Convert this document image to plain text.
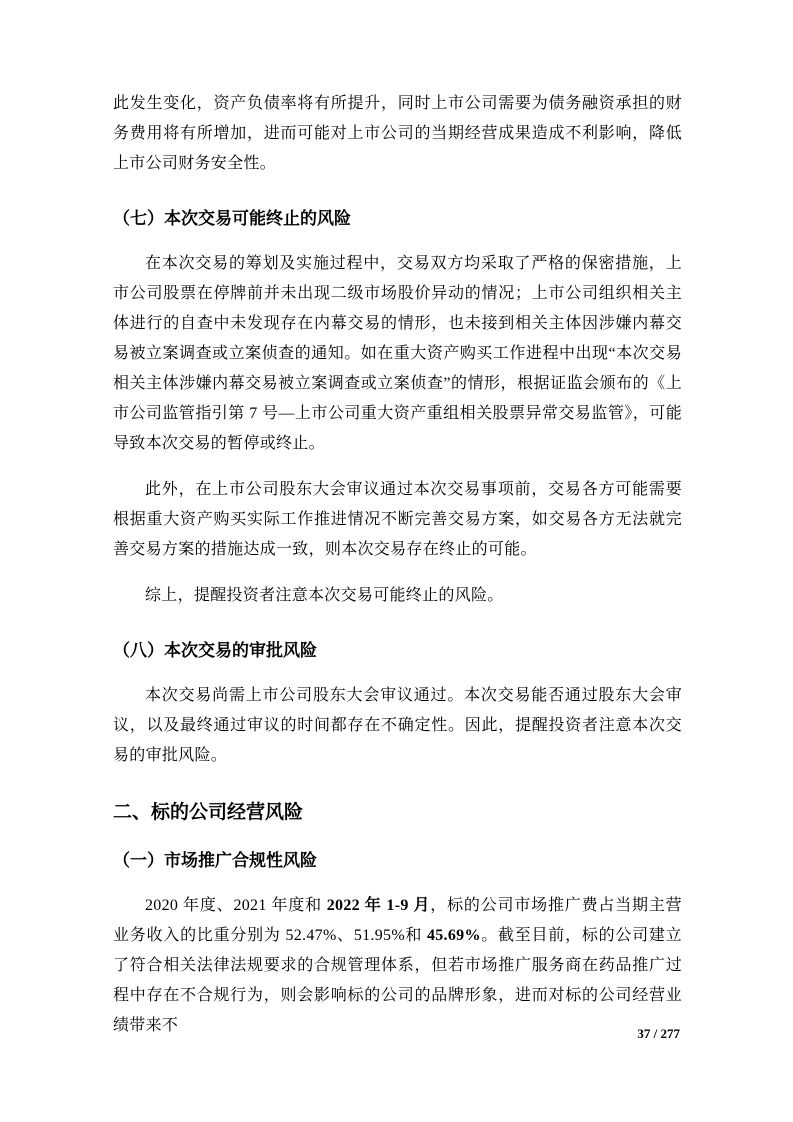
此发生变化，资产负债率将有所提升，同时上市公司需要为债务融资承担的财务费用将有所增加，进而可能对上市公司的当期经营成果造成不利影响，降低上市公司财务安全性。

（七）本次交易可能终止的风险

在本次交易的筹划及实施过程中，交易双方均采取了严格的保密措施，上市公司股票在停牌前并未出现二级市场股价异动的情况；上市公司组织相关主体进行的自查中未发现存在内幕交易的情形，也未接到相关主体因涉嫌内幕交易被立案调查或立案侦查的通知。如在重大资产购买工作进程中出现“本次交易相关主体涉嫌内幕交易被立案调查或立案侦查”的情形，根据证监会颁布的《上市公司监管指引第 7 号—上市公司重大资产重组相关股票异常交易监管》，可能导致本次交易的暂停或终止。

此外，在上市公司股东大会审议通过本次交易事项前，交易各方可能需要根据重大资产购买实际工作推进情况不断完善交易方案，如交易各方无法就完善交易方案的措施达成一致，则本次交易存在终止的可能。

综上，提醒投资者注意本次交易可能终止的风险。

（八）本次交易的审批风险

本次交易尚需上市公司股东大会审议通过。本次交易能否通过股东大会审议，以及最终通过审议的时间都存在不确定性。因此，提醒投资者注意本次交易的审批风险。

二、标的公司经营风险
（一）市场推广合规性风险

2020 年度、2021 年度和 2022 年 1-9 月，标的公司市场推广费占当期主营业务收入的比重分别为 52.47%、51.95%和 45.69%。截至目前，标的公司建立了符合相关法律法规要求的合规管理体系，但若市场推广服务商在药品推广过程中存在不合规行为，则会影响标的公司的品牌形象，进而对标的公司经营业绩带来不	37 / 277
